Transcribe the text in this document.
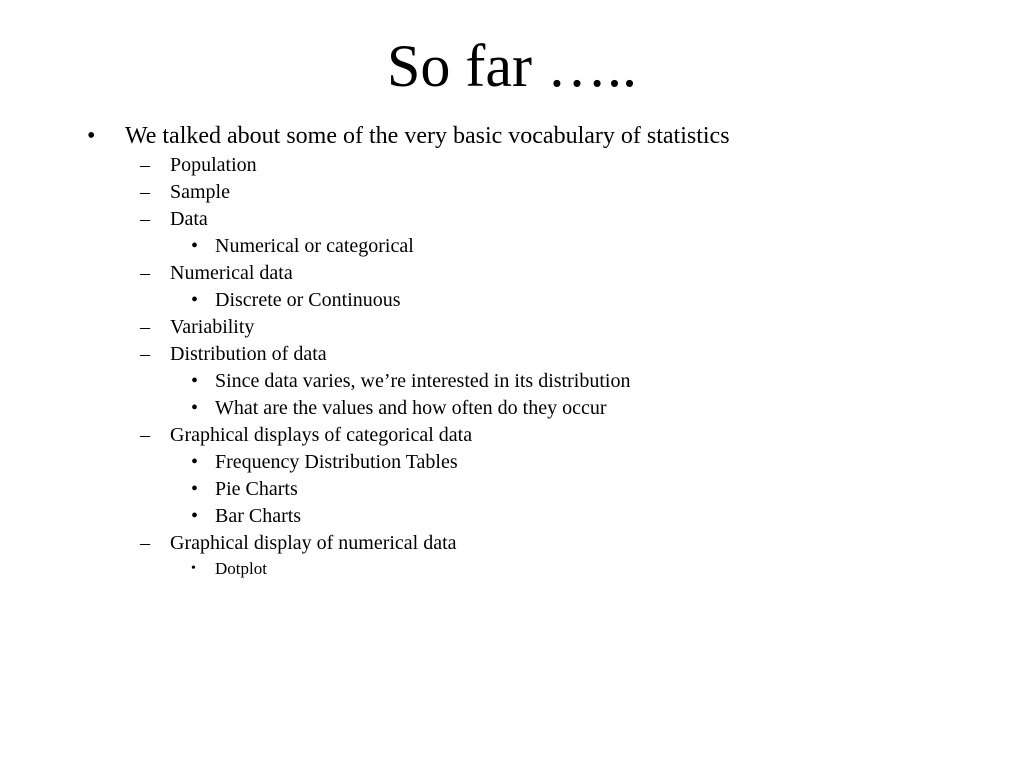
So far …..
• We talked about some of the very basic vocabulary of statistics
– Population
– Sample
– Data
• Numerical or categorical
– Numerical data
• Discrete or Continuous
– Variability
– Distribution of data
• Since data varies, we’re interested in its distribution
• What are the values and how often do they occur
– Graphical displays of categorical data
• Frequency Distribution Tables
• Pie Charts
• Bar Charts
– Graphical display of numerical data
• Dotplot
